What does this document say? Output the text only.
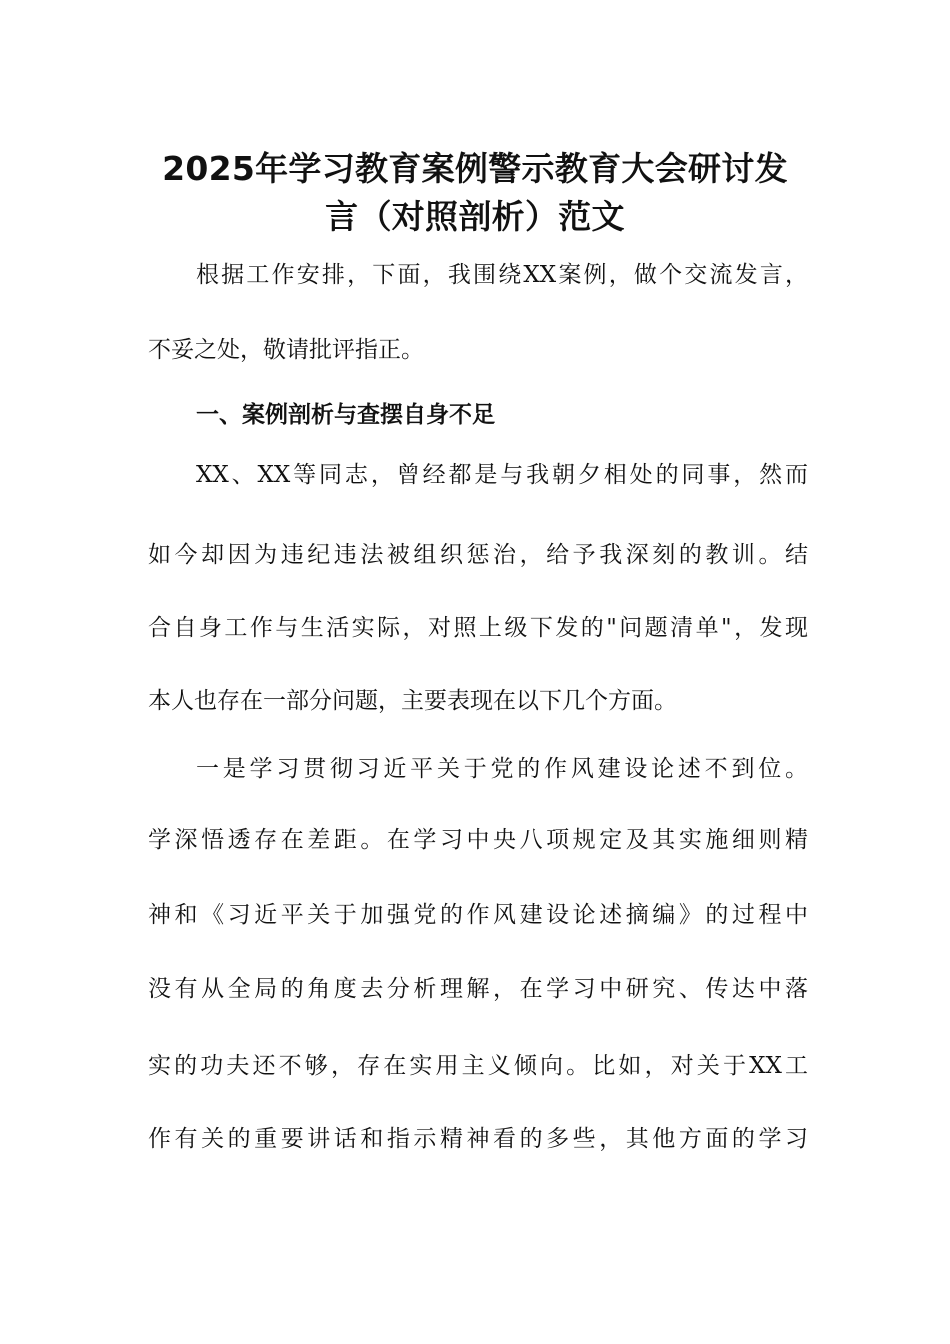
2025年学习教育案例警示教育大会研讨发
言（对照剖析）范文

根据工作安排，下面，我围绕XX案例，做个交流发言，

不妥之处，敬请批评指正。

一、案例剖析与查摆自身不足

XX、XX等同志，曾经都是与我朝夕相处的同事，然而

如今却因为违纪违法被组织惩治，给予我深刻的教训。结

合自身工作与生活实际，对照上级下发的"问题清单"，发现

本人也存在一部分问题，主要表现在以下几个方面。

一是学习贯彻习近平关于党的作风建设论述不到位。

学深悟透存在差距。在学习中央八项规定及其实施细则精

神和《习近平关于加强党的作风建设论述摘编》的过程中

没有从全局的角度去分析理解，在学习中研究、传达中落

实的功夫还不够，存在实用主义倾向。比如，对关于XX工

作有关的重要讲话和指示精神看的多些，其他方面的学习
